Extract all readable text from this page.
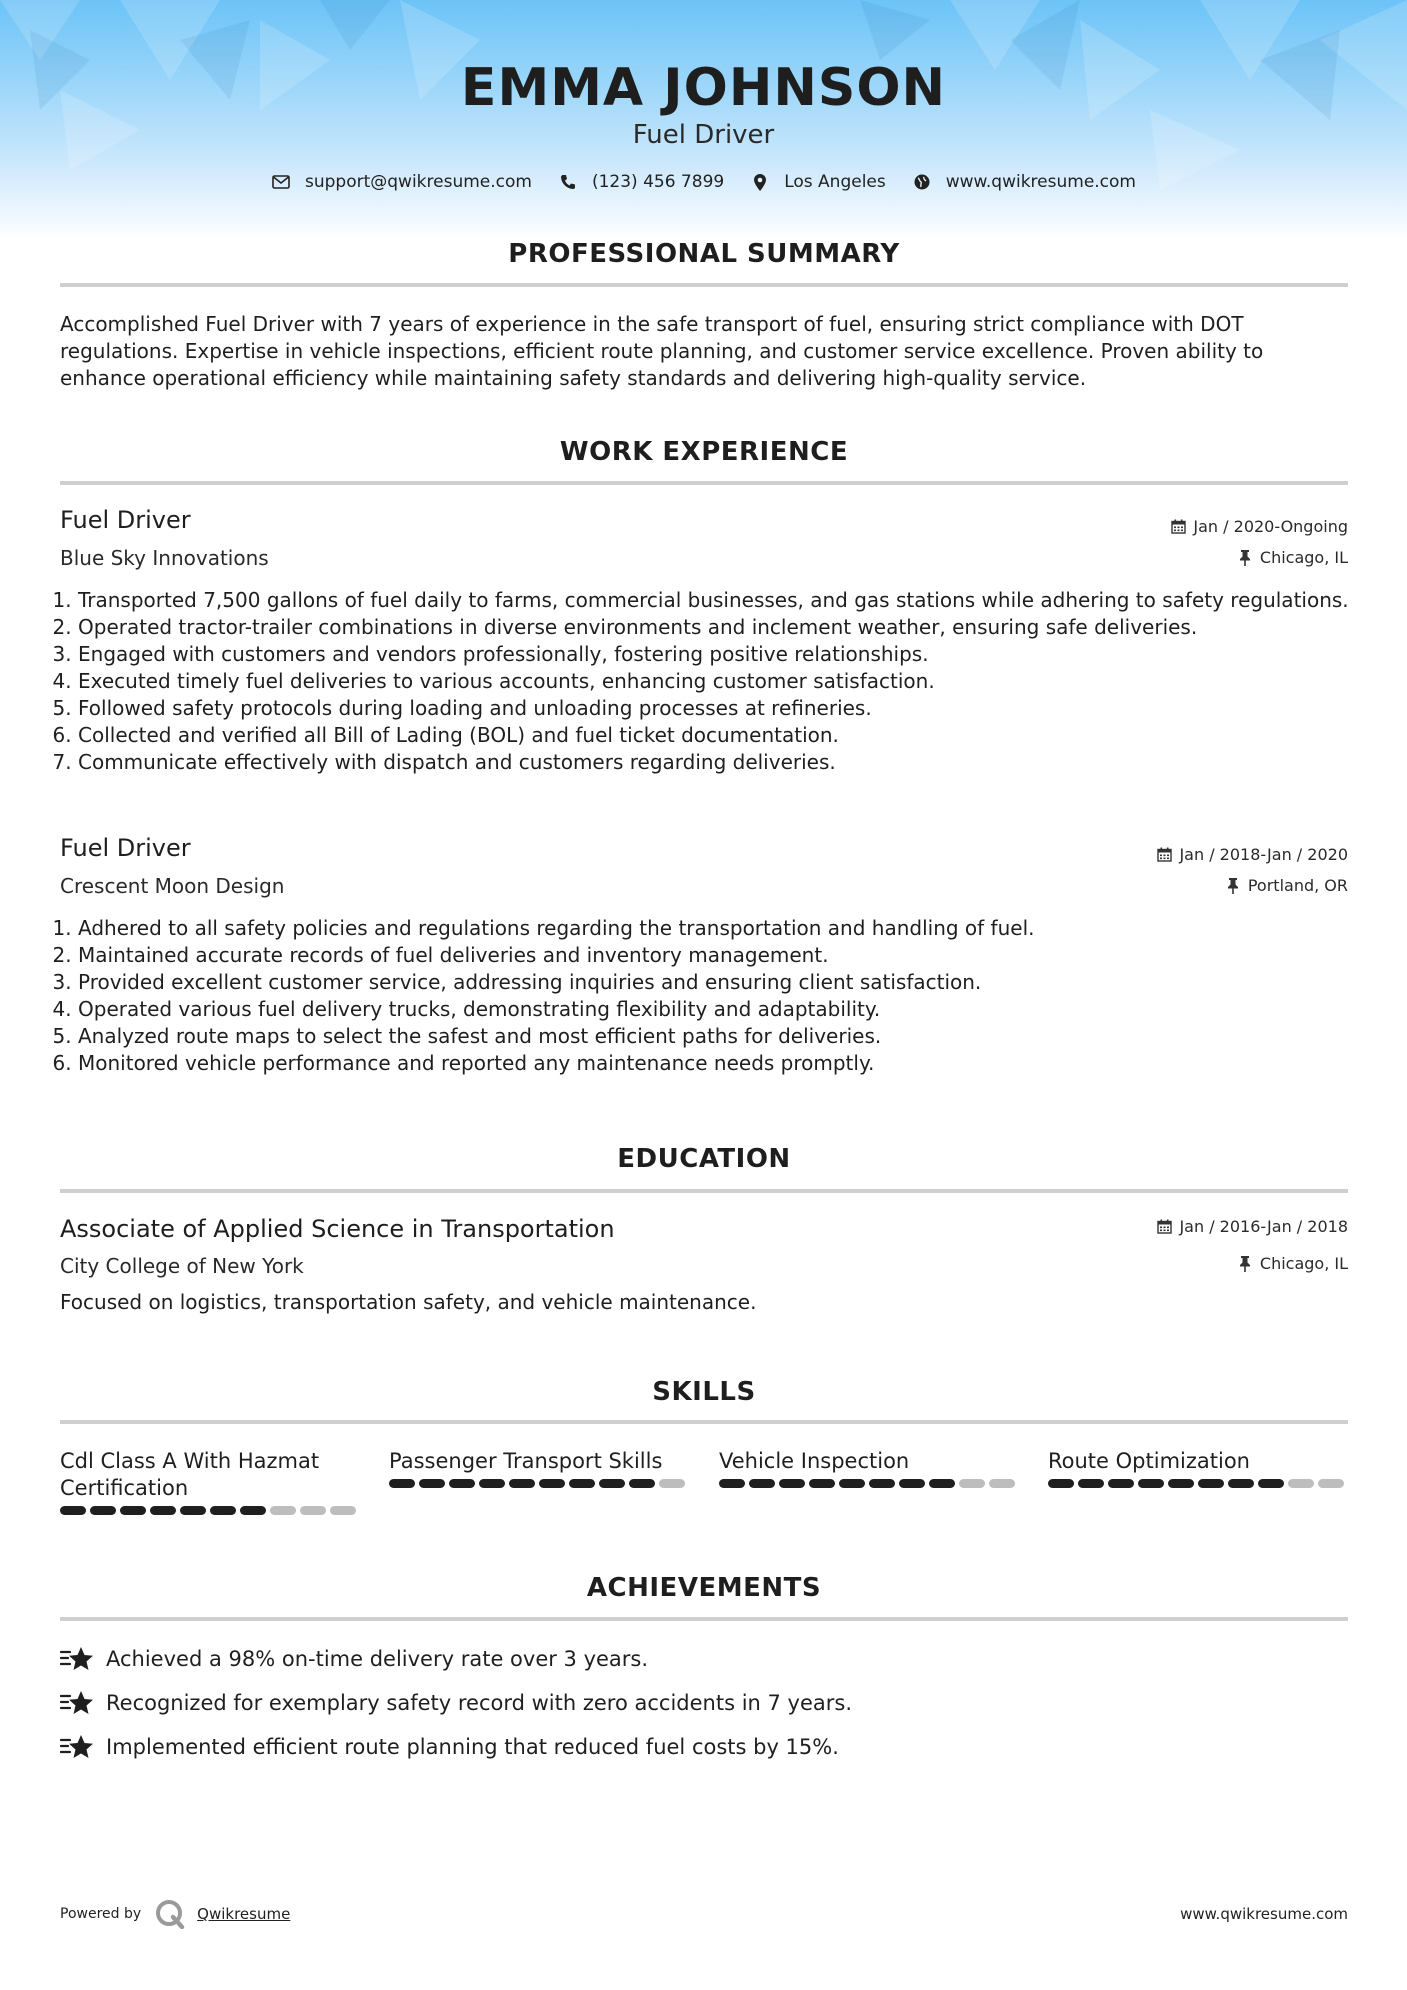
EMMA JOHNSON
Fuel Driver
support@qwikresume.com	(123) 456 7899	Los Angeles	www.qwikresume.com
PROFESSIONAL SUMMARY
Accomplished Fuel Driver with 7 years of experience in the safe transport of fuel, ensuring strict compliance with DOT regulations. Expertise in vehicle inspections, efficient route planning, and customer service excellence. Proven ability to enhance operational efficiency while maintaining safety standards and delivering high-quality service.
WORK EXPERIENCE
Fuel Driver	Jan / 2020-Ongoing
Blue Sky Innovations	Chicago, IL
1. Transported 7,500 gallons of fuel daily to farms, commercial businesses, and gas stations while adhering to safety regulations.
2. Operated tractor-trailer combinations in diverse environments and inclement weather, ensuring safe deliveries.
3. Engaged with customers and vendors professionally, fostering positive relationships.
4. Executed timely fuel deliveries to various accounts, enhancing customer satisfaction.
5. Followed safety protocols during loading and unloading processes at refineries.
6. Collected and verified all Bill of Lading (BOL) and fuel ticket documentation.
7. Communicate effectively with dispatch and customers regarding deliveries.
Fuel Driver	Jan / 2018-Jan / 2020
Crescent Moon Design	Portland, OR
1. Adhered to all safety policies and regulations regarding the transportation and handling of fuel.
2. Maintained accurate records of fuel deliveries and inventory management.
3. Provided excellent customer service, addressing inquiries and ensuring client satisfaction.
4. Operated various fuel delivery trucks, demonstrating flexibility and adaptability.
5. Analyzed route maps to select the safest and most efficient paths for deliveries.
6. Monitored vehicle performance and reported any maintenance needs promptly.
EDUCATION
Associate of Applied Science in Transportation	Jan / 2016-Jan / 2018
City College of New York	Chicago, IL
Focused on logistics, transportation safety, and vehicle maintenance.
SKILLS
Cdl Class A With Hazmat Certification
Passenger Transport Skills	Vehicle Inspection	Route Optimization
ACHIEVEMENTS
Achieved a 98% on-time delivery rate over 3 years.
Recognized for exemplary safety record with zero accidents in 7 years.
Implemented efficient route planning that reduced fuel costs by 15%.
Powered by	Qwikresume	www.qwikresume.com
